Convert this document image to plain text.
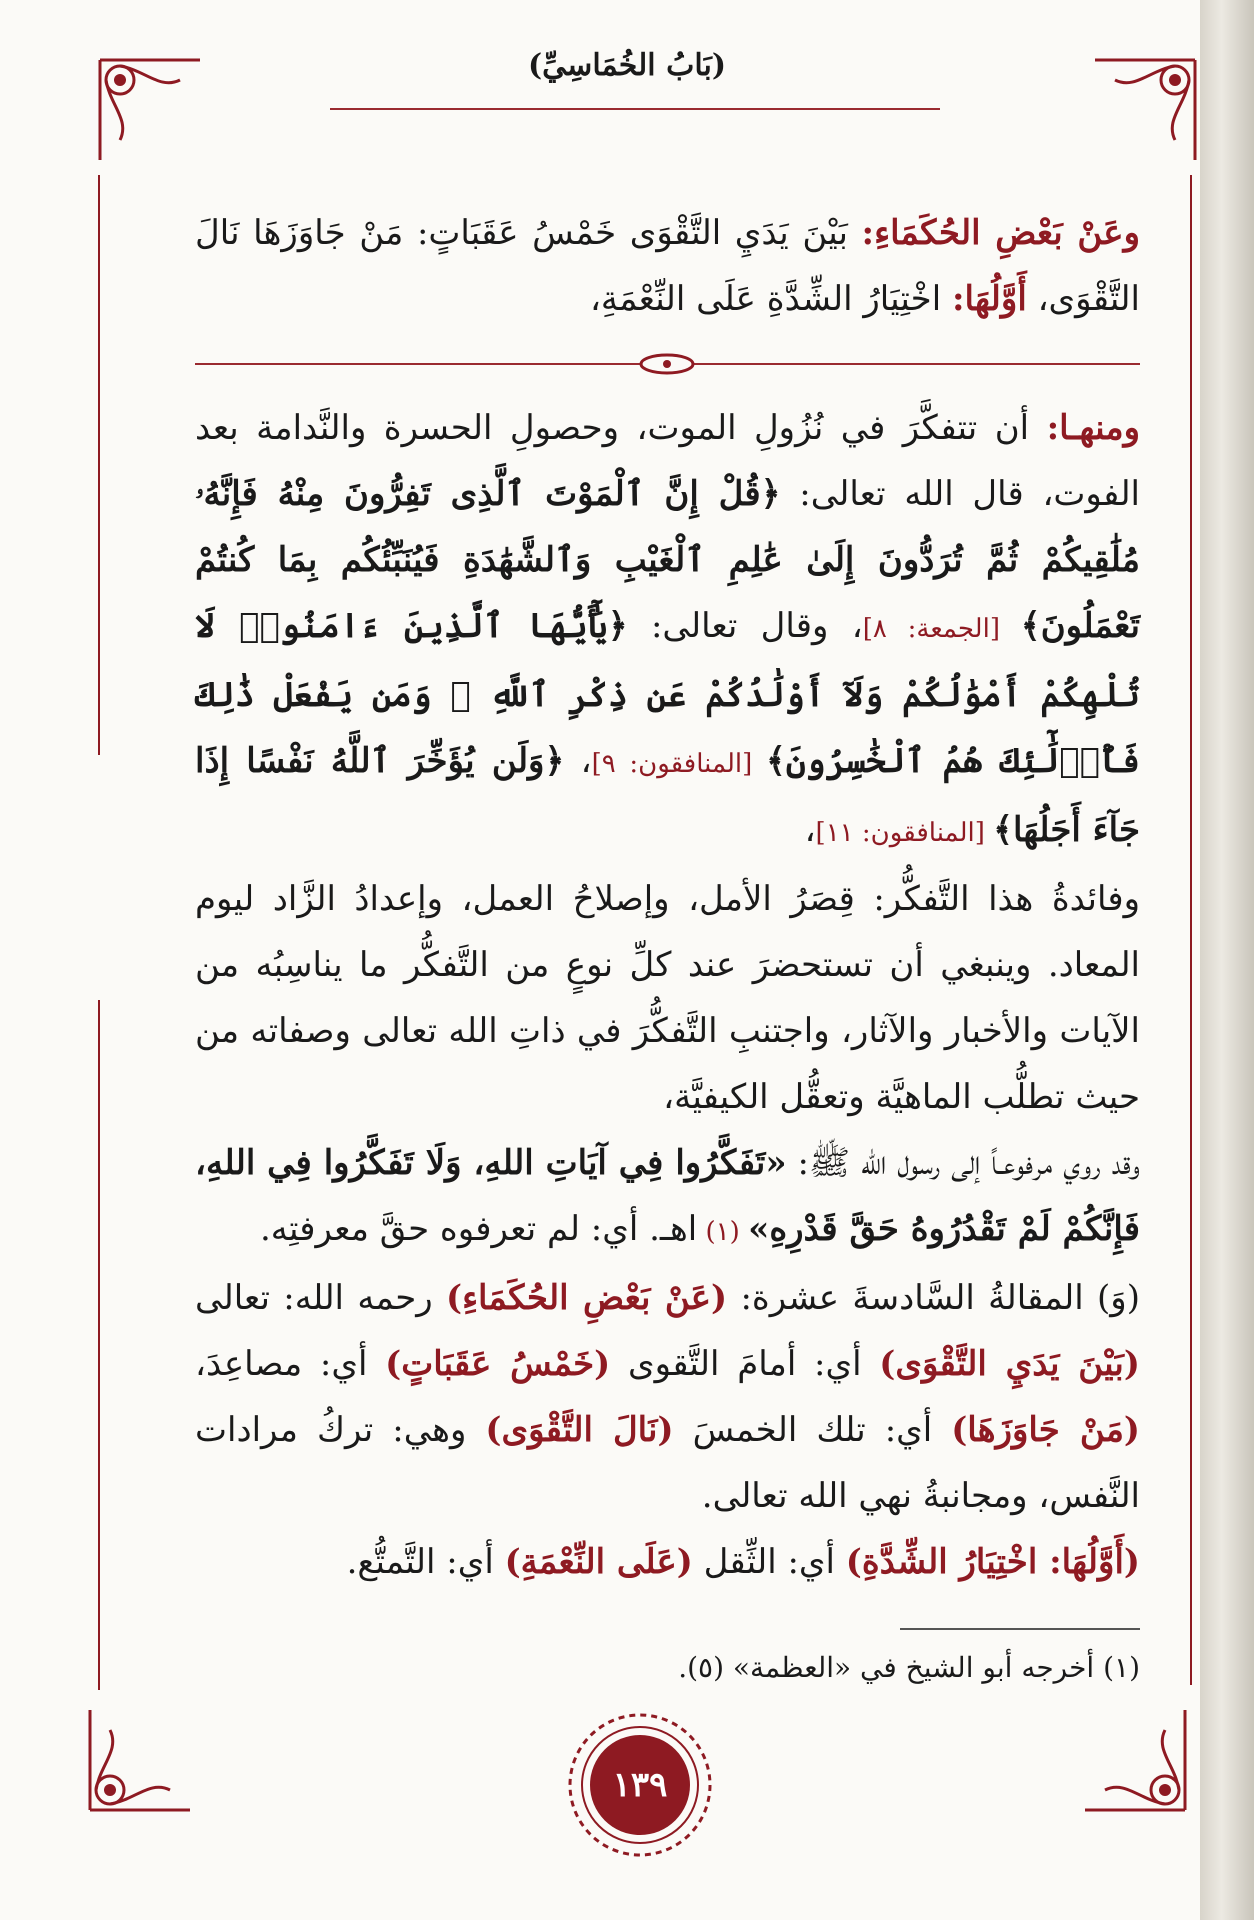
(بَابُ الخُمَاسِيِّ)

وعَنْ بَعْضِ الحُكَمَاءِ: بَيْنَ يَدَيِ التَّقْوَى خَمْسُ عَقَبَاتٍ: مَنْ جَاوَزَهَا نَالَ التَّقْوَى، أَوَّلُهَا: اخْتِيَارُ الشِّدَّةِ عَلَى النِّعْمَةِ،

ومنهـا: أن تتفكَّرَ في نُزُولِ الموت، وحصولِ الحسرة والنَّدامة بعد الفوت، قال الله تعالى: ﴿قُلْ إِنَّ ٱلْمَوْتَ ٱلَّذِى تَفِرُّونَ مِنْهُ فَإِنَّهُۥ مُلَٰقِيكُمْ ثُمَّ تُرَدُّونَ إِلَىٰ عَٰلِمِ ٱلْغَيْبِ وَٱلشَّهَٰدَةِ فَيُنَبِّئُكُم بِمَا كُنتُمْ تَعْمَلُونَ﴾ [الجمعة: ٨]، وقال تعالى: ﴿يَٰٓأَيُّهَا ٱلَّذِينَ ءَامَنُوا۟ لَا تُلْهِكُمْ أَمْوَٰلُكُمْ وَلَآ أَوْلَٰدُكُمْ عَن ذِكْرِ ٱللَّهِ ۚ وَمَن يَفْعَلْ ذَٰلِكَ فَأُو۟لَٰٓئِكَ هُمُ ٱلْخَٰسِرُونَ﴾ [المنافقون: ٩]، ﴿وَلَن يُؤَخِّرَ ٱللَّهُ نَفْسًا إِذَا جَآءَ أَجَلُهَا﴾ [المنافقون: ١١]،

وفائدةُ هذا التَّفكُّر: قِصَرُ الأمل، وإصلاحُ العمل، وإعدادُ الزَّاد ليوم المعاد. وينبغي أن تستحضرَ عند كلِّ نوعٍ من التَّفكُّر ما يناسِبُه من الآيات والأخبار والآثار، واجتنبِ التَّفكُّرَ في ذاتِ الله تعالى وصفاته من حيث تطلُّب الماهيَّة وتعقُّل الكيفيَّة،

وقد روي مرفوعـاً إلى رسول الله ﷺ: «تَفَكَّرُوا فِي آيَاتِ اللهِ، وَلَا تَفَكَّرُوا فِي اللهِ، فَإِنَّكُمْ لَمْ تَقْدُرُوهُ حَقَّ قَدْرِهِ» (١) اهـ. أي: لم تعرفوه حقَّ معرفتِه.

(وَ) المقالةُ السَّادسةَ عشرة: (عَنْ بَعْضِ الحُكَمَاءِ) رحمه الله: تعالى (بَيْنَ يَدَيِ التَّقْوَى) أي: أمامَ التَّقوى (خَمْسُ عَقَبَاتٍ) أي: مصاعِدَ، (مَنْ جَاوَزَهَا) أي: تلك الخمسَ (نَالَ التَّقْوَى) وهي: تركُ مرادات النَّفس، ومجانبةُ نهي الله تعالى.

(أَوَّلُهَا: اخْتِيَارُ الشِّدَّةِ) أي: الثِّقل (عَلَى النِّعْمَةِ) أي: التَّمتُّع.

(١) أخرجه أبو الشيخ في «العظمة» (٥).
١٣٩
